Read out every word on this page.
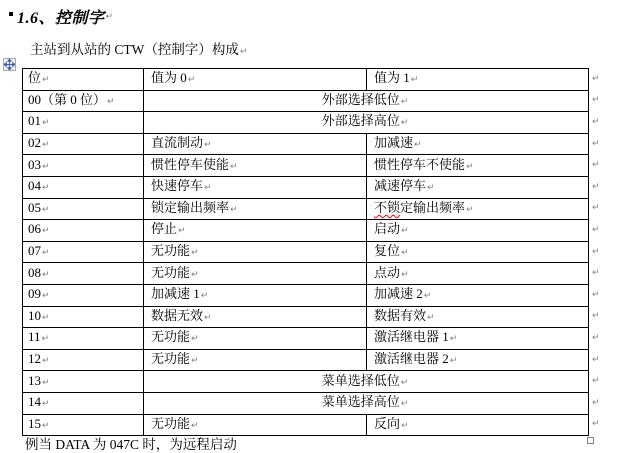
1.6、控制字 ↵
主站到从站的 CTW（控制字）构成↵
位↵	值为 0↵	值为 1↵
00（第 0 位）↵	外部选择低位↵	
01↵	外部选择高位↵	
02↵	直流制动↵	加减速↵
03↵	惯性停车使能↵	惯性停车不使能↵
04↵	快速停车↵	减速停车↵
05↵	锁定输出频率↵	不锁定输出频率↵
06↵	停止↵	启动↵
07↵	无功能↵	复位↵
08↵	无功能↵	点动↵
09↵	加减速 1↵	加减速 2↵
10↵	数据无效↵	数据有效↵
11↵	无功能↵	激活继电器 1↵
12↵	无功能↵	激活继电器 2↵
13↵	菜单选择低位↵	
14↵	菜单选择高位↵	
15↵	无功能↵	反向↵
↵
↵
↵
↵
↵
↵
↵
↵
↵
↵
↵
↵
↵
↵
↵
↵
↵
例当 DATA 为 047C 时，为远程启动
